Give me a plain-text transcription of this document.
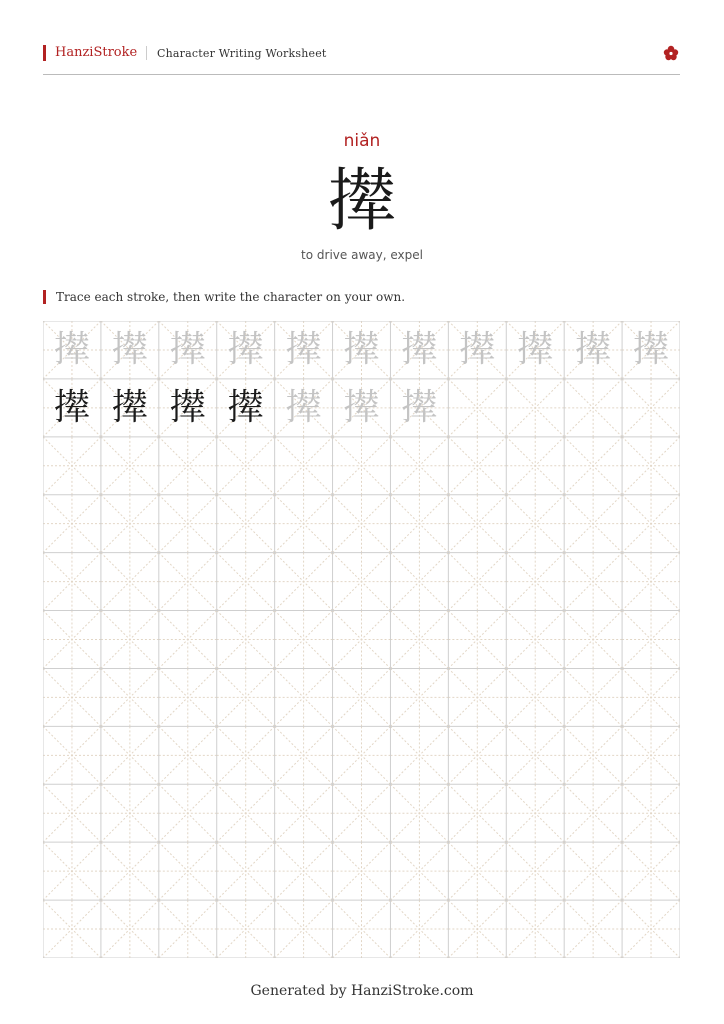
HanziStroke Character Writing Worksheet
niǎn
撵
to drive away, expel
Trace each stroke, then write the character on your own.
撵 撵 撵 撵 撵 撵 撵 撵 撵 撵 撵
撵 撵 撵 撵 撵 撵 撵
Generated by HanziStroke.com
